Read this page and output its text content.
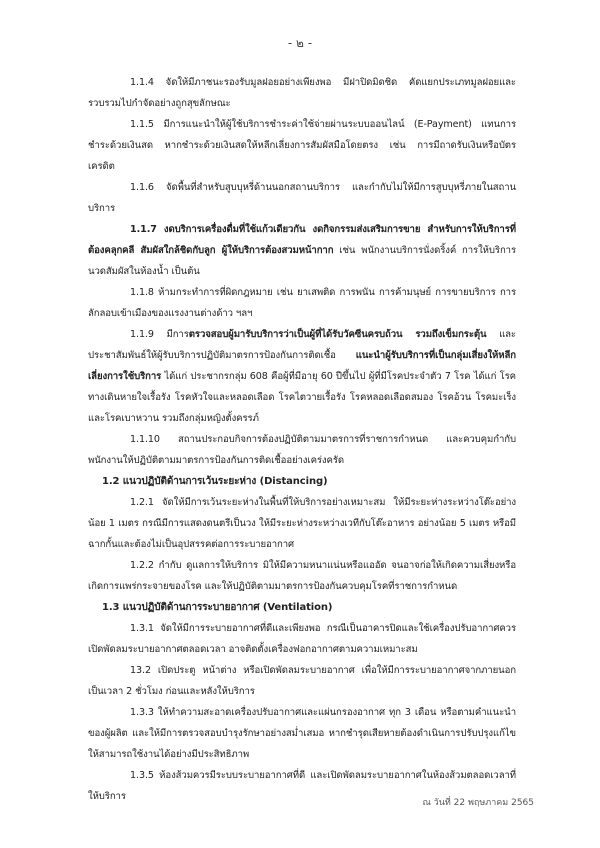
- ๒ -

1.1.4 จัดให้มีภาชนะรองรับมูลฝอยอย่างเพียงพอ มีฝาปิดมิดชิด คัดแยกประเภทมูลฝอยและรวบรวมไปกำจัดอย่างถูกสุขลักษณะ

1.1.5 มีการแนะนำให้ผู้ใช้บริการชำระค่าใช้จ่ายผ่านระบบออนไลน์ (E-Payment) แทนการชำระด้วยเงินสด หากชำระด้วยเงินสดให้หลีกเลี่ยงการสัมผัสมือโดยตรง เช่น การมีถาดรับเงินหรือบัตรเครดิต

1.1.6 จัดพื้นที่สำหรับสูบบุหรี่ด้านนอกสถานบริการ และกำกับไม่ให้มีการสูบบุหรี่ภายในสถานบริการ

1.1.7 งดบริการเครื่องดื่มที่ใช้แก้วเดียวกัน งดกิจกรรมส่งเสริมการขาย สำหรับการให้บริการที่ต้องคลุกคลี สัมผัสใกล้ชิดกับลูก ผู้ให้บริการต้องสวมหน้ากาก เช่น พนักงานบริการนั่งดริ้งค์ การให้บริการนวดสัมผัสในห้องน้ำ เป็นต้น

1.1.8 ห้ามกระทำการที่ผิดกฎหมาย เช่น ยาเสพติด การพนัน การค้ามนุษย์ การขายบริการ การลักลอบเข้าเมืองของแรงงานต่างด้าว ฯลฯ

1.1.9 มีการตรวจสอบผู้มารับบริการว่าเป็นผู้ที่ได้รับวัคซีนครบถ้วน รวมถึงเข็มกระตุ้น และประชาสัมพันธ์ให้ผู้รับบริการปฏิบัติมาตรการป้องกันการติดเชื้อ แนะนำผู้รับบริการที่เป็นกลุ่มเสี่ยงให้หลีกเลี่ยงการใช้บริการ ได้แก่ ประชากรกลุ่ม 608 คือผู้ที่มีอายุ 60 ปีขึ้นไป ผู้ที่มีโรคประจำตัว 7 โรค ได้แก่ โรคทางเดินหายใจเรื้อรัง โรคหัวใจและหลอดเลือด โรคไตวายเรื้อรัง โรคหลอดเลือดสมอง โรคอ้วน โรคมะเร็ง และโรคเบาหวาน รวมถึงกลุ่มหญิงตั้งครรภ์

1.1.10 สถานประกอบกิจการต้องปฏิบัติตามมาตรการที่ราชการกำหนด และควบคุมกำกับพนักงานให้ปฏิบัติตามมาตรการป้องกันการติดเชื้ออย่างเคร่งครัด

1.2 แนวปฏิบัติด้านการเว้นระยะห่าง (Distancing)

1.2.1 จัดให้มีการเว้นระยะห่างในพื้นที่ให้บริการอย่างเหมาะสม ให้มีระยะห่างระหว่างโต๊ะอย่างน้อย 1 เมตร กรณีมีการแสดงดนตรีเป็นวง ให้มีระยะห่างระหว่างเวทีกับโต๊ะอาหาร อย่างน้อย 5 เมตร หรือมีฉากกั้นและต้องไม่เป็นอุปสรรคต่อการระบายอากาศ

1.2.2 กำกับ ดูแลการให้บริการ มิให้มีความหนาแน่นหรือแออัด จนอาจก่อให้เกิดความเสี่ยงหรือเกิดการแพร่กระจายของโรค และให้ปฏิบัติตามมาตรการป้องกันควบคุมโรคที่ราชการกำหนด

1.3 แนวปฏิบัติด้านการระบายอากาศ (Ventilation)

1.3.1 จัดให้มีการระบายอากาศที่ดีและเพียงพอ กรณีเป็นอาคารปิดและใช้เครื่องปรับอากาศควรเปิดพัดลมระบายอากาศตลอดเวลา อาจติดตั้งเครื่องฟอกอากาศตามความเหมาะสม

13.2 เปิดประตู หน้าต่าง หรือเปิดพัดลมระบายอากาศ เพื่อให้มีการระบายอากาศจากภายนอก เป็นเวลา 2 ชั่วโมง ก่อนและหลังให้บริการ

1.3.3 ให้ทำความสะอาดเครื่องปรับอากาศและแผ่นกรองอากาศ ทุก 3 เดือน หรือตามคำแนะนำของผู้ผลิต และให้มีการตรวจสอบบำรุงรักษาอย่างสม่ำเสมอ หากชำรุดเสียหายต้องดำเนินการปรับปรุงแก้ไขให้สามารถใช้งานได้อย่างมีประสิทธิภาพ

1.3.5 ห้องส้วมควรมีระบบระบายอากาศที่ดี และเปิดพัดลมระบายอากาศในห้องส้วมตลอดเวลาที่ให้บริการ

ณ วันที่ 22 พฤษภาคม 2565
